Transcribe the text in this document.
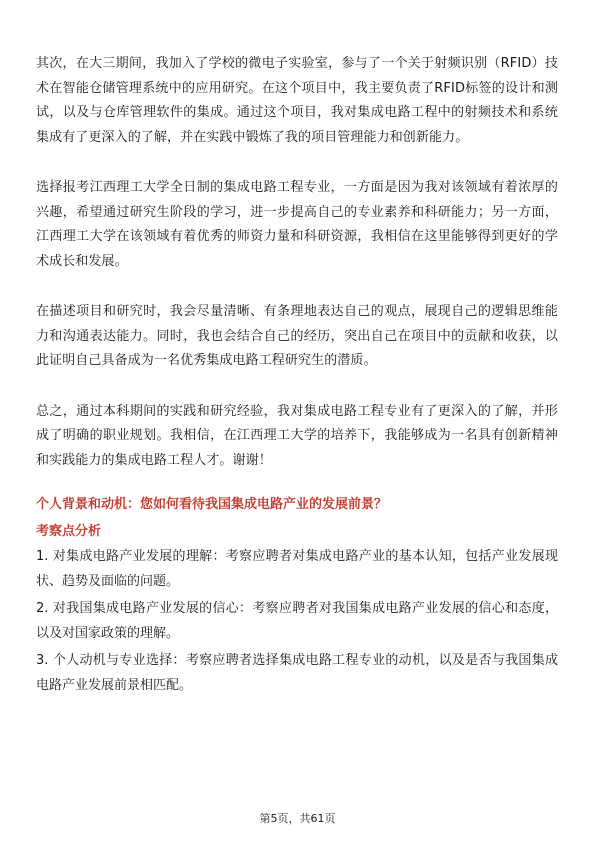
其次，在大三期间，我加入了学校的微电子实验室，参与了一个关于射频识别（RFID）技术在智能仓储管理系统中的应用研究。在这个项目中，我主要负责了RFID标签的设计和测试，以及与仓库管理软件的集成。通过这个项目，我对集成电路工程中的射频技术和系统集成有了更深入的了解，并在实践中锻炼了我的项目管理能力和创新能力。

选择报考江西理工大学全日制的集成电路工程专业，一方面是因为我对该领域有着浓厚的兴趣，希望通过研究生阶段的学习，进一步提高自己的专业素养和科研能力；另一方面，江西理工大学在该领域有着优秀的师资力量和科研资源，我相信在这里能够得到更好的学术成长和发展。

在描述项目和研究时，我会尽量清晰、有条理地表达自己的观点，展现自己的逻辑思维能力和沟通表达能力。同时，我也会结合自己的经历，突出自己在项目中的贡献和收获，以此证明自己具备成为一名优秀集成电路工程研究生的潜质。

总之，通过本科期间的实践和研究经验，我对集成电路工程专业有了更深入的了解，并形成了明确的职业规划。我相信，在江西理工大学的培养下，我能够成为一名具有创新精神和实践能力的集成电路工程人才。谢谢！

个人背景和动机：您如何看待我国集成电路产业的发展前景？
考察点分析
1. 对集成电路产业发展的理解：考察应聘者对集成电路产业的基本认知，包括产业发展现状、趋势及面临的问题。
2. 对我国集成电路产业发展的信心：考察应聘者对我国集成电路产业发展的信心和态度，以及对国家政策的理解。
3. 个人动机与专业选择：考察应聘者选择集成电路工程专业的动机，以及是否与我国集成电路产业发展前景相匹配。
第5页，共61页
